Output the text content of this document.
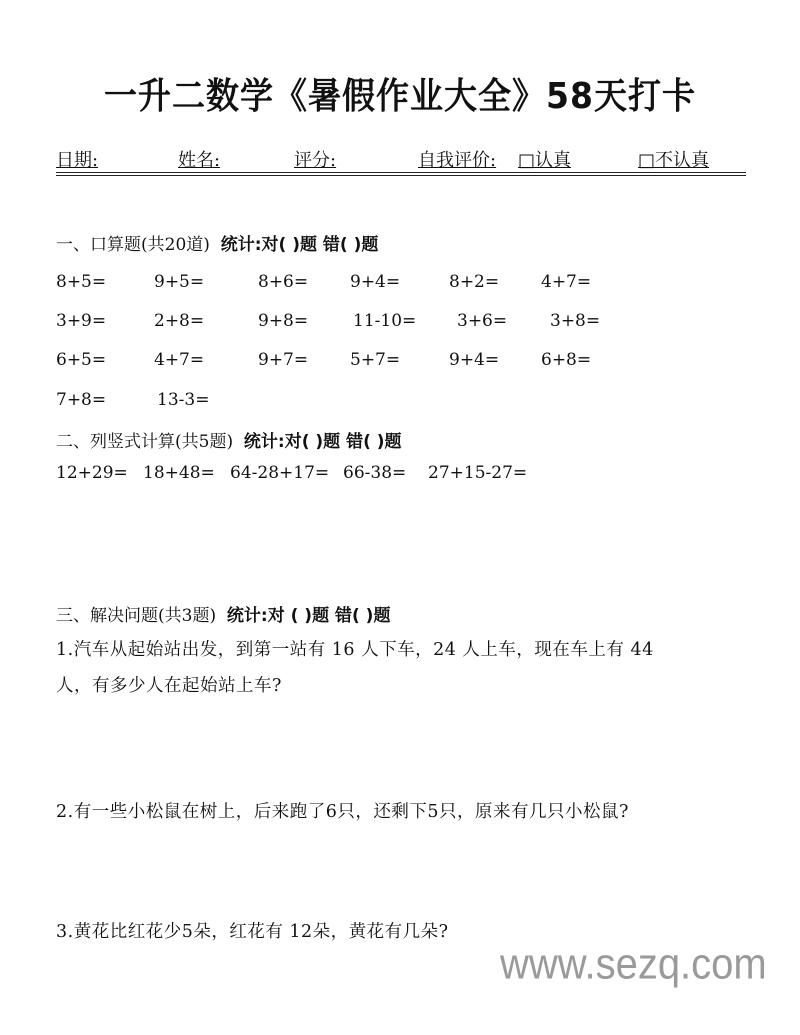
一升二数学《暑假作业大全》58天打卡
日期:	姓名:	评分:	自我评价: □认真	□不认真
一、口算题(共20道) 统计:对( )题 错( )题
8+5=	9+5=	8+6= 9+4=	8+2= 4+7=
3+9=	2+8=	9+8=	11-10= 3+6=	3+8=
6+5=	4+7=	9+7= 5+7=	9+4= 6+8=
7+8=	13-3=
二、列竖式计算(共5题) 统计:对( )题 错( )题
12+29= 18+48= 64-28+17= 66-38= 27+15-27=
三、解决问题(共3题) 统计:对 ( )题 错( )题
1.汽车从起始站出发，到第一站有 16 人下车，24 人上车，现在车上有 44
人，有多少人在起始站上车?
2.有一些小松鼠在树上，后来跑了6只，还剩下5只，原来有几只小松鼠?
3.黄花比红花少5朵，红花有 12朵，黄花有几朵?
www.sezq.com
